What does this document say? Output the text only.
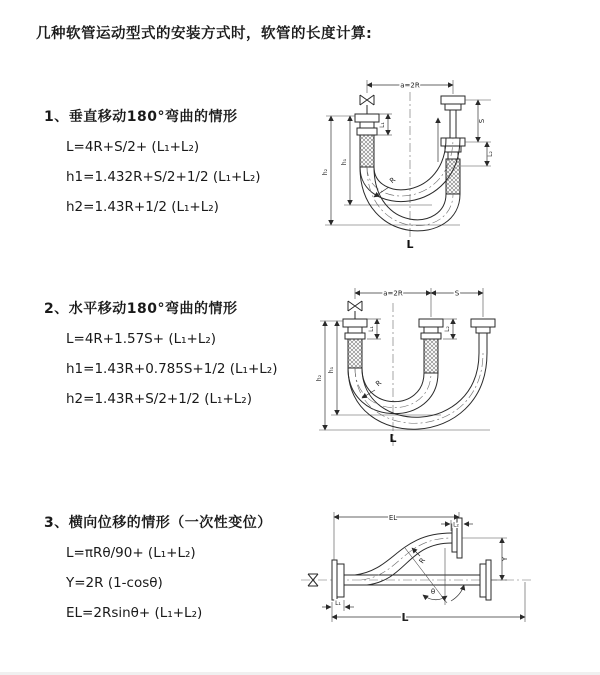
几种软管运动型式的安装方式时，软管的长度计算:
1、垂直移动180°弯曲的情形
L=4R+S/2+ (L₁+L₂)
h1=1.432R+S/2+1/2 (L₁+L₂)
h2=1.43R+1/2 (L₁+L₂)
a=2R
L₁
S
L₂
h₁
h₂
R
L
2、水平移动180°弯曲的情形
L=4R+1.57S+ (L₁+L₂)
h1=1.43R+0.785S+1/2 (L₁+L₂)
h2=1.43R+S/2+1/2 (L₁+L₂)
a=2R	S
L₁	L₂
h₁
h₂
R
L
3、横向位移的情形（一次性变位）
L=πRθ/90+ (L₁+L₂)
Y=2R (1-cosθ)
EL=2Rsinθ+ (L₁+L₂)
EL
L₂
Y
θ
R
L₁
L
